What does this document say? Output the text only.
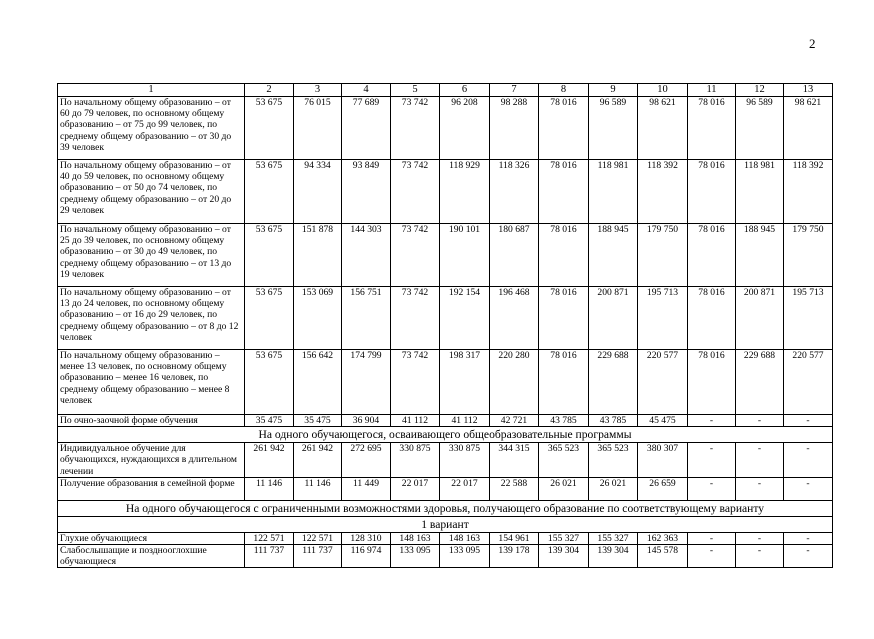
2
1	2	3	4	5	6	7	8	9	10	11	12	13
По начальному общему образованию – от 60 до 79 человек, по основному общему образованию – от 75 до 99 человек, по среднему общему образованию – от 30 до 39 человек	53 675	76 015	77 689	73 742	96 208	98 288	78 016	96 589	98 621	78 016	96 589	98 621
По начальному общему образованию – от 40 до 59 человек, по основному общему образованию – от 50 до 74 человек, по среднему общему образованию – от 20 до 29 человек	53 675	94 334	93 849	73 742	118 929	118 326	78 016	118 981	118 392	78 016	118 981	118 392
По начальному общему образованию – от 25 до 39 человек, по основному общему образованию – от 30 до 49 человек, по среднему общему образованию – от 13 до 19 человек	53 675	151 878	144 303	73 742	190 101	180 687	78 016	188 945	179 750	78 016	188 945	179 750
По начальному общему образованию – от 13 до 24 человек, по основному общему образованию – от 16 до 29 человек, по среднему общему образованию – от 8 до 12 человек	53 675	153 069	156 751	73 742	192 154	196 468	78 016	200 871	195 713	78 016	200 871	195 713
По начальному общему образованию – менее 13 человек, по основному общему образованию – менее 16 человек, по среднему общему образованию – менее 8 человек	53 675	156 642	174 799	73 742	198 317	220 280	78 016	229 688	220 577	78 016	229 688	220 577
По очно-заочной форме обучения	35 475	35 475	36 904	41 112	41 112	42 721	43 785	43 785	45 475	-	-	-
На одного обучающегося, осваивающего общеобразовательные программы												
Индивидуальное обучение для обучающихся, нуждающихся в длительном лечении	261 942	261 942	272 695	330 875	330 875	344 315	365 523	365 523	380 307	-	-	-
Получение образования в семейной форме	11 146	11 146	11 449	22 017	22 017	22 588	26 021	26 021	26 659	-	-	-
На одного обучающегося с ограниченными возможностями здоровья, получающего образование по соответствующему варианту												
1 вариант												
Глухие обучающиеся	122 571	122 571	128 310	148 163	148 163	154 961	155 327	155 327	162 363	-	-	-
Слабослышащие и позднооглохшие обучающиеся	111 737	111 737	116 974	133 095	133 095	139 178	139 304	139 304	145 578	-	-	-
